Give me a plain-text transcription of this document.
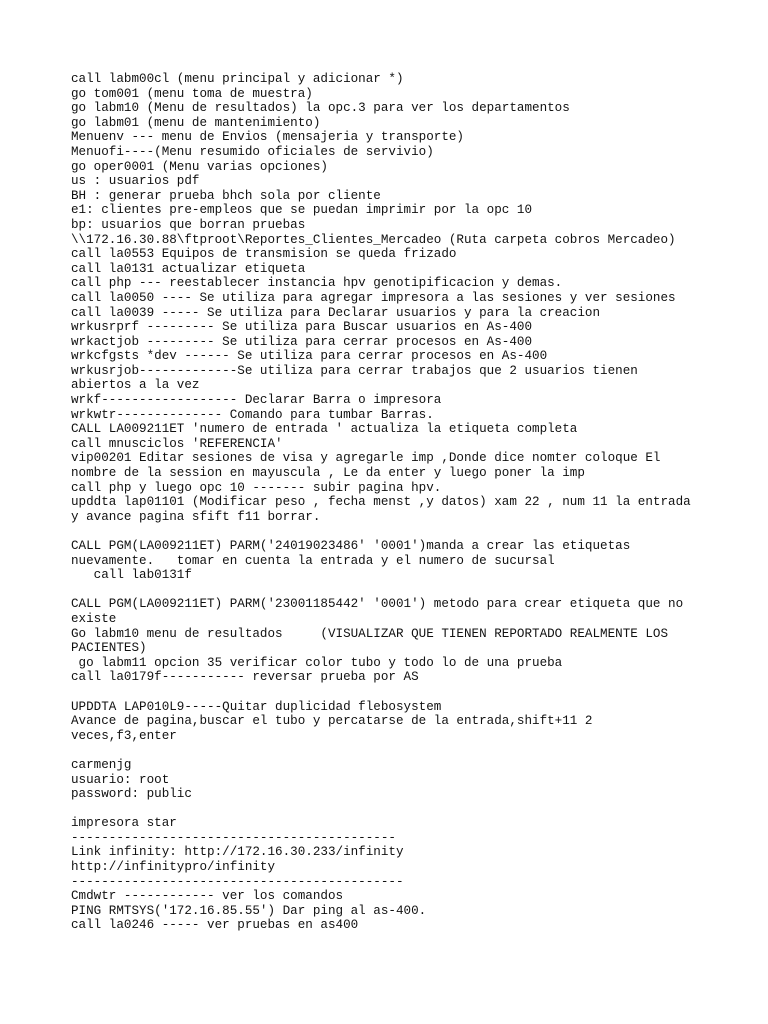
call labm00cl (menu principal y adicionar *)
go tom001 (menu toma de muestra)
go labm10 (Menu de resultados) la opc.3 para ver los departamentos
go labm01 (menu de mantenimiento)
Menuenv --- menu de Envios (mensajeria y transporte)
Menuofi----(Menu resumido oficiales de servivio)
go oper0001 (Menu varias opciones)
us : usuarios pdf
BH : generar prueba bhch sola por cliente
e1: clientes pre-empleos que se puedan imprimir por la opc 10
bp: usuarios que borran pruebas
\\172.16.30.88\ftproot\Reportes_Clientes_Mercadeo (Ruta carpeta cobros Mercadeo)
call la0553 Equipos de transmision se queda frizado
call la0131 actualizar etiqueta
call php --- reestablecer instancia hpv genotipificacion y demas.
call la0050 ---- Se utiliza para agregar impresora a las sesiones y ver sesiones
call la0039 ----- Se utiliza para Declarar usuarios y para la creacion
wrkusrprf --------- Se utiliza para Buscar usuarios en As-400
wrkactjob --------- Se utiliza para cerrar procesos en As-400
wrkcfgsts *dev ------ Se utiliza para cerrar procesos en As-400
wrkusrjob-------------Se utiliza para cerrar trabajos que 2 usuarios tienen
abiertos a la vez
wrkf------------------ Declarar Barra o impresora
wrkwtr-------------- Comando para tumbar Barras.
CALL LA009211ET 'numero de entrada ' actualiza la etiqueta completa
call mnusciclos 'REFERENCIA'
vip00201 Editar sesiones de visa y agregarle imp ,Donde dice nomter coloque El
nombre de la session en mayuscula , Le da enter y luego poner la imp
call php y luego opc 10 ------- subir pagina hpv.
upddta lap01101 (Modificar peso , fecha menst ,y datos) xam 22 , num 11 la entrada
y avance pagina sfift f11 borrar.
CALL PGM(LA009211ET) PARM('24019023486' '0001')manda a crear las etiquetas
nuevamente.   tomar en cuenta la entrada y el numero de sucursal
call lab0131f
CALL PGM(LA009211ET) PARM('23001185442' '0001') metodo para crear etiqueta que no
existe
Go labm10 menu de resultados     (VISUALIZAR QUE TIENEN REPORTADO REALMENTE LOS
PACIENTES)
go labm11 opcion 35 verificar color tubo y todo lo de una prueba
call la0179f----------- reversar prueba por AS
UPDDTA LAP010L9-----Quitar duplicidad flebosystem
Avance de pagina,buscar el tubo y percatarse de la entrada,shift+11 2
veces,f3,enter
carmenjg
usuario: root
password: public
impresora star
-------------------------------------------
Link infinity: http://172.16.30.233/infinity
http://infinitypro/infinity
--------------------------------------------
Cmdwtr ------------ ver los comandos
PING RMTSYS('172.16.85.55') Dar ping al as-400.
call la0246 ----- ver pruebas en as400
